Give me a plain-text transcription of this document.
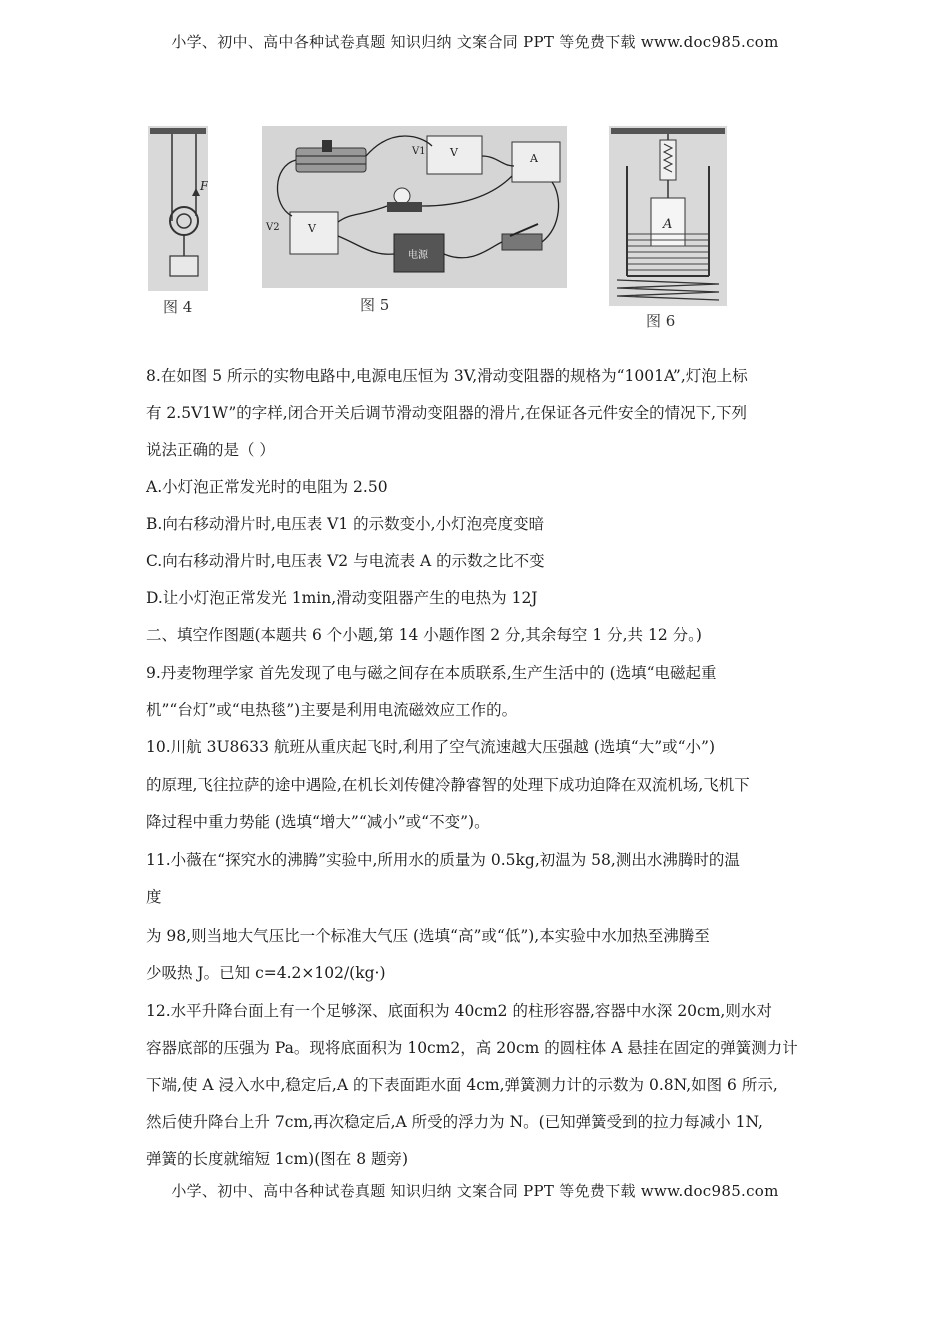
小学、初中、高中各种试卷真题 知识归纳 文案合同 PPT 等免费下载 www.doc985.com
F
图 4
V
V1
A
V
V2
电源
图 5
A
图 6
8.在如图 5 所示的实物电路中,电源电压恒为 3V,滑动变阻器的规格为“1001A”,灯泡上标
有 2.5V1W”的字样,闭合开关后调节滑动变阻器的滑片,在保证各元件安全的情况下,下列
说法正确的是（ ）
A.小灯泡正常发光时的电阻为 2.50
B.向右移动滑片时,电压表 V1 的示数变小,小灯泡亮度变暗
C.向右移动滑片时,电压表 V2 与电流表 A 的示数之比不变
D.让小灯泡正常发光 1min,滑动变阻器产生的电热为 12J
二、填空作图题(本题共 6 个小题,第 14 小题作图 2 分,其余每空 1 分,共 12 分。)
9.丹麦物理学家 首先发现了电与磁之间存在本质联系,生产生活中的 (选填“电磁起重
机”“台灯”或“电热毯”)主要是利用电流磁效应工作的。
10.川航 3U8633 航班从重庆起飞时,利用了空气流速越大压强越 (选填“大”或“小”)
的原理,飞往拉萨的途中遇险,在机长刘传健冷静睿智的处理下成功迫降在双流机场,飞机下
降过程中重力势能 (选填“增大”“减小”或“不变”)。
11.小薇在“探究水的沸腾”实验中,所用水的质量为 0.5kg,初温为 58,测出水沸腾时的温
度
为 98,则当地大气压比一个标准大气压 (选填“高”或“低”),本实验中水加热至沸腾至
少吸热 J。已知 c=4.2×102/(kg·)
12.水平升降台面上有一个足够深、底面积为 40cm2 的柱形容器,容器中水深 20cm,则水对
容器底部的压强为 Pa。现将底面积为 10cm2，高 20cm 的圆柱体 A 悬挂在固定的弹簧测力计
下端,使 A 浸入水中,稳定后,A 的下表面距水面 4cm,弹簧测力计的示数为 0.8N,如图 6 所示,
然后使升降台上升 7cm,再次稳定后,A 所受的浮力为 N。(已知弹簧受到的拉力每减小 1N,
弹簧的长度就缩短 1cm)(图在 8 题旁)
小学、初中、高中各种试卷真题 知识归纳 文案合同 PPT 等免费下载 www.doc985.com
